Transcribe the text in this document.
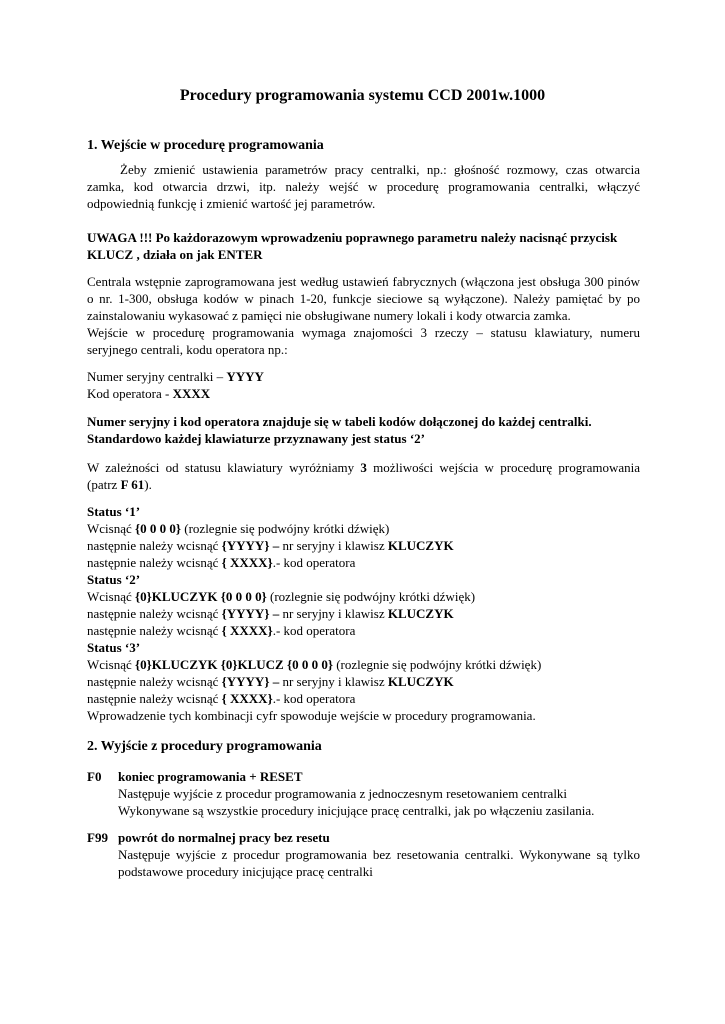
Procedury programowania systemu CCD 2001w.1000
1. Wejście w procedurę programowania

Żeby zmienić ustawienia parametrów pracy centralki, np.: głośność rozmowy, czas otwarcia zamka, kod otwarcia drzwi, itp. należy wejść w procedurę programowania centralki, włączyć odpowiednią funkcję i zmienić wartość jej parametrów.

UWAGA !!! Po każdorazowym wprowadzeniu poprawnego parametru należy nacisnąć przycisk
KLUCZ , działa on jak ENTER

Centrala wstępnie zaprogramowana jest według ustawień fabrycznych (włączona jest obsługa 300 pinów o nr. 1-300, obsługa kodów w pinach 1-20, funkcje sieciowe są wyłączone). Należy pamiętać by po zainstalowaniu wykasować z pamięci nie obsługiwane numery lokali i kody otwarcia zamka.

Wejście w procedurę programowania wymaga znajomości 3 rzeczy – statusu klawiatury, numeru seryjnego centrali, kodu operatora np.:

Numer seryjny centralki – YYYY
Kod operatora - XXXX
Numer seryjny i kod operatora znajduje się w tabeli kodów dołączonej do każdej centralki.
Standardowo każdej klawiaturze przyznawany jest status ‘2’

W zależności od statusu klawiatury wyróżniamy 3 możliwości wejścia w procedurę programowania (patrz F 61).

Status ‘1’
Wcisnąć {0 0 0 0} (rozlegnie się podwójny krótki dźwięk)
następnie należy wcisnąć {YYYY} – nr seryjny i klawisz KLUCZYK
następnie należy wcisnąć { XXXX}.- kod operatora
Status ‘2’
Wcisnąć {0}KLUCZYK {0 0 0 0} (rozlegnie się podwójny krótki dźwięk)
następnie należy wcisnąć {YYYY} – nr seryjny i klawisz KLUCZYK
następnie należy wcisnąć { XXXX}.- kod operatora
Status ‘3’
Wcisnąć {0}KLUCZYK {0}KLUCZ {0 0 0 0} (rozlegnie się podwójny krótki dźwięk)
następnie należy wcisnąć {YYYY} – nr seryjny i klawisz KLUCZYK
następnie należy wcisnąć { XXXX}.- kod operatora
Wprowadzenie tych kombinacji cyfr spowoduje wejście w procedury programowania.
2. Wyjście z procedury programowania
F0 koniec programowania + RESET
Następuje wyjście z procedur programowania z jednoczesnym resetowaniem centralki
Wykonywane są wszystkie procedury inicjujące pracę centralki, jak po włączeniu zasilania.
F99 powrót do normalnej pracy bez resetu
Następuje wyjście z procedur programowania bez resetowania centralki. Wykonywane są tylko podstawowe procedury inicjujące pracę centralki
